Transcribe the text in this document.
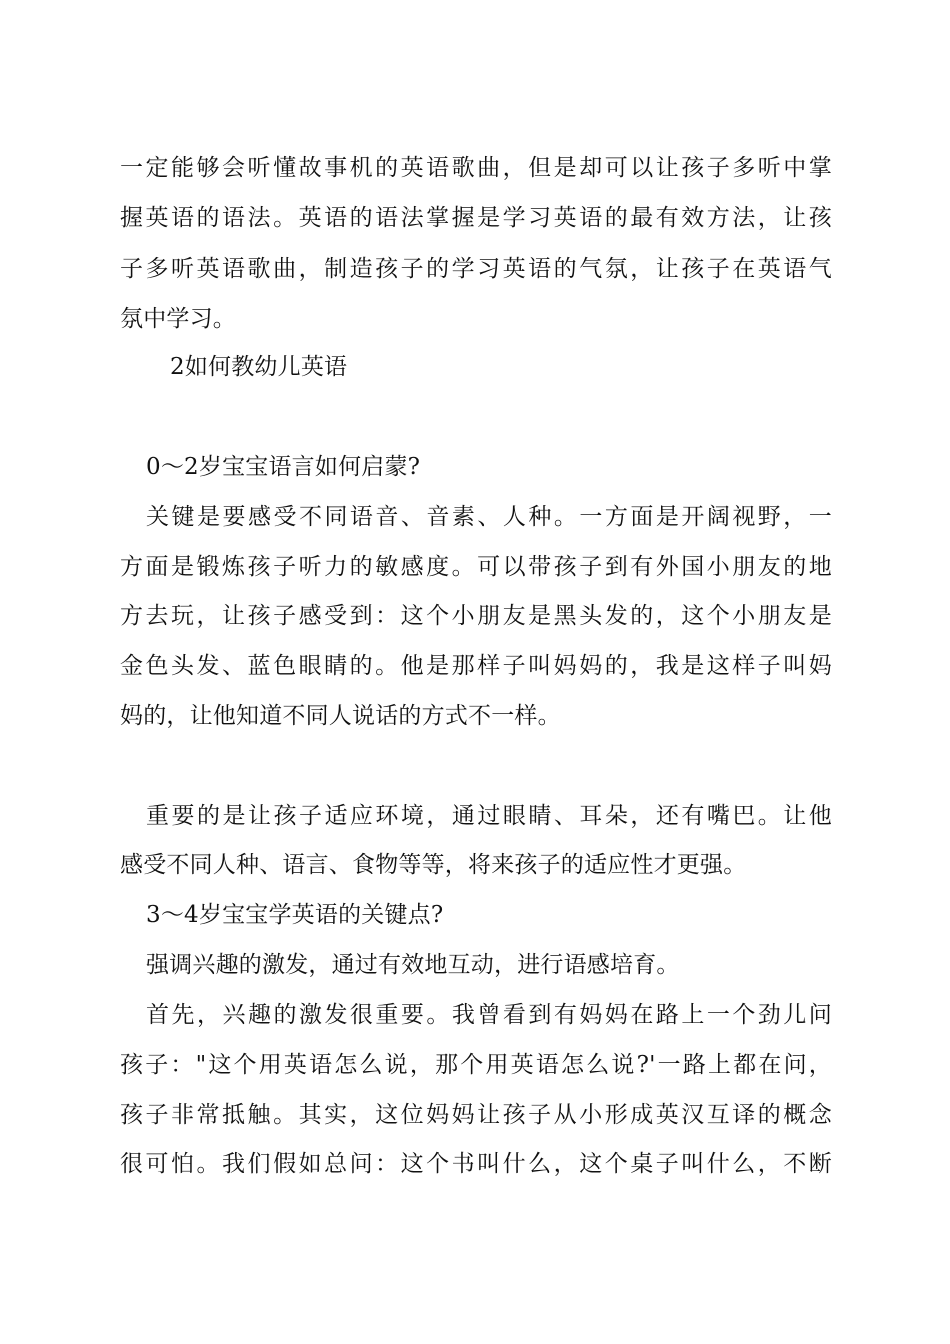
一定能够会听懂故事机的英语歌曲，但是却可以让孩子多听中掌
握英语的语法。英语的语法掌握是学习英语的最有效方法，让孩
子多听英语歌曲，制造孩子的学习英语的气氛，让孩子在英语气
氛中学习。
2如何教幼儿英语
0～2岁宝宝语言如何启蒙?
关键是要感受不同语音、音素、人种。一方面是开阔视野，一
方面是锻炼孩子听力的敏感度。可以带孩子到有外国小朋友的地
方去玩，让孩子感受到：这个小朋友是黑头发的，这个小朋友是
金色头发、蓝色眼睛的。他是那样子叫妈妈的，我是这样子叫妈
妈的，让他知道不同人说话的方式不一样。
重要的是让孩子适应环境，通过眼睛、耳朵，还有嘴巴。让他
感受不同人种、语言、食物等等，将来孩子的适应性才更强。
3～4岁宝宝学英语的关键点?
强调兴趣的激发，通过有效地互动，进行语感培育。
首先，兴趣的激发很重要。我曾看到有妈妈在路上一个劲儿问
孩子："这个用英语怎么说，那个用英语怎么说?'一路上都在问，
孩子非常抵触。其实，这位妈妈让孩子从小形成英汉互译的概念
很可怕。我们假如总问：这个书叫什么，这个桌子叫什么，不断
